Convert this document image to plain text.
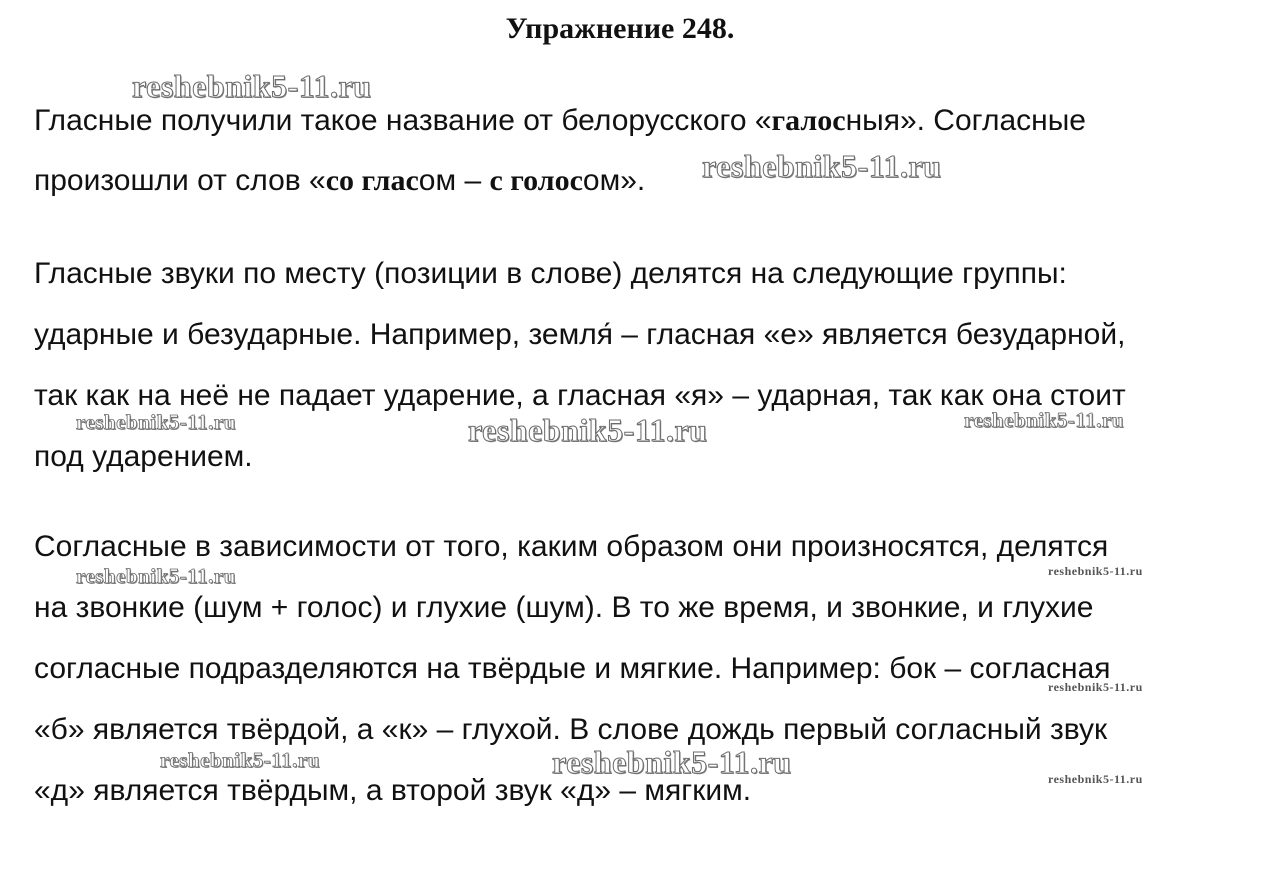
Упражнение 248.
Гласные получили такое название от белорусского «галосныя». Согласные
произошли от слов «со гласом – с голосом».
Гласные звуки по месту (позиции в слове) делятся на следующие группы:
ударные и безударные. Например, земля́ – гласная «е» является безударной,
так как на неё не падает ударение, а гласная «я» – ударная, так как она стоит
под ударением.
Согласные в зависимости от того, каким образом они произносятся, делятся
на звонкие (шум + голос) и глухие (шум). В то же время, и звонкие, и глухие
согласные подразделяются на твёрдые и мягкие. Например: бок – согласная
«б» является твёрдой, а «к» – глухой. В слове дождь первый согласный звук
«д» является твёрдым, а второй звук «д» – мягким.
reshebnik5-11.ru
reshebnik5-11.ru
reshebnik5-11.ru	reshebnik5-11.ru	reshebnik5-11.ru
reshebnik5-11.ru	reshebnik5-11.ru
reshebnik5-11.ru
reshebnik5-11.ru	reshebnik5-11.ru	reshebnik5-11.ru
